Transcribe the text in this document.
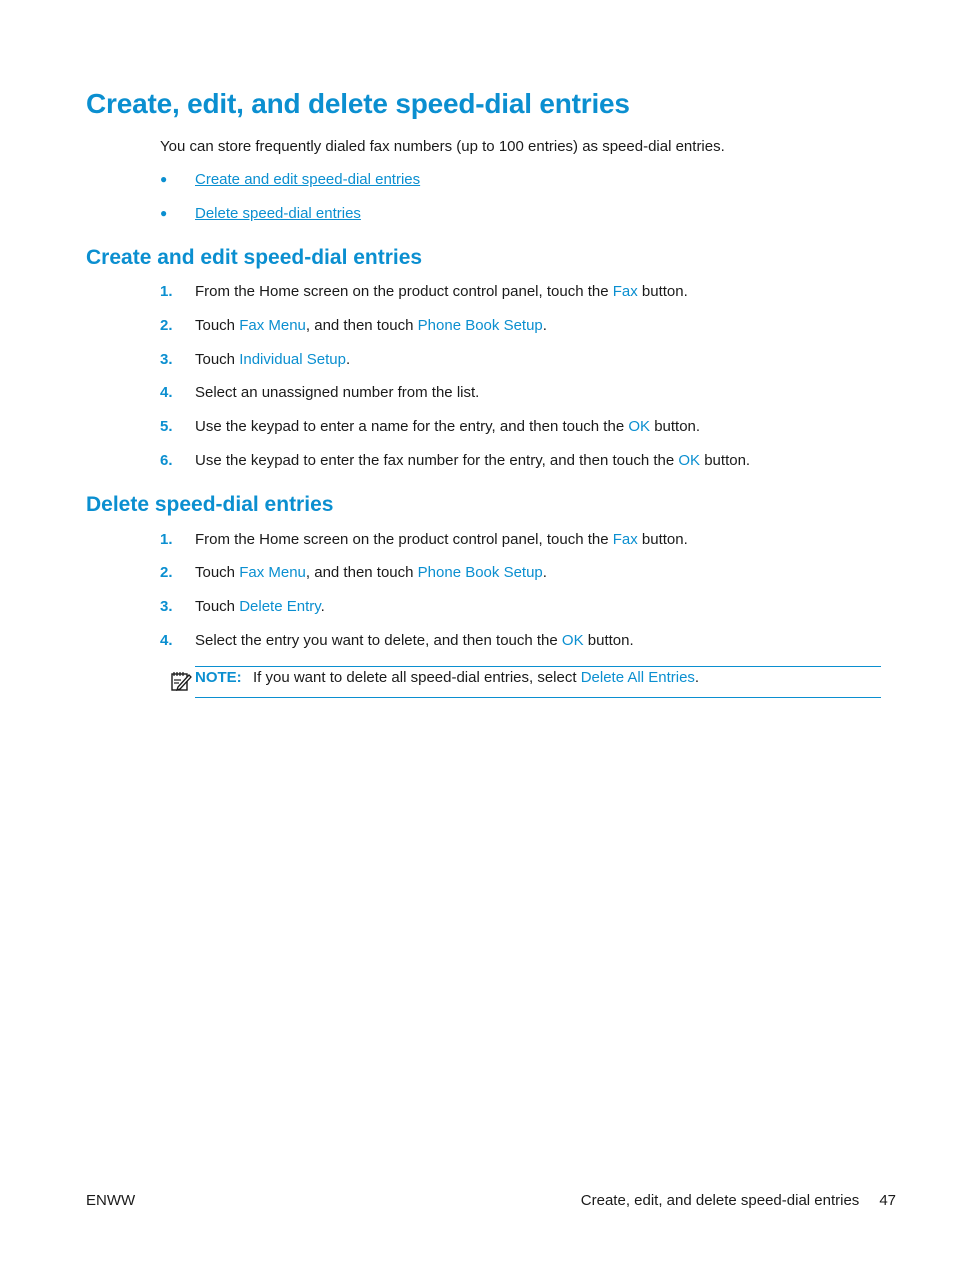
Create, edit, and delete speed-dial entries
You can store frequently dialed fax numbers (up to 100 entries) as speed-dial entries.
● Create and edit speed-dial entries
● Delete speed-dial entries
Create and edit speed-dial entries
1. From the Home screen on the product control panel, touch the Fax button.
2. Touch Fax Menu, and then touch Phone Book Setup.
3. Touch Individual Setup.
4. Select an unassigned number from the list.
5. Use the keypad to enter a name for the entry, and then touch the OK button.
6. Use the keypad to enter the fax number for the entry, and then touch the OK button.
Delete speed-dial entries
1. From the Home screen on the product control panel, touch the Fax button.
2. Touch Fax Menu, and then touch Phone Book Setup.
3. Touch Delete Entry.
4. Select the entry you want to delete, and then touch the OK button.
NOTE: If you want to delete all speed-dial entries, select Delete All Entries.
ENWW	Create, edit, and delete speed-dial entries 47
